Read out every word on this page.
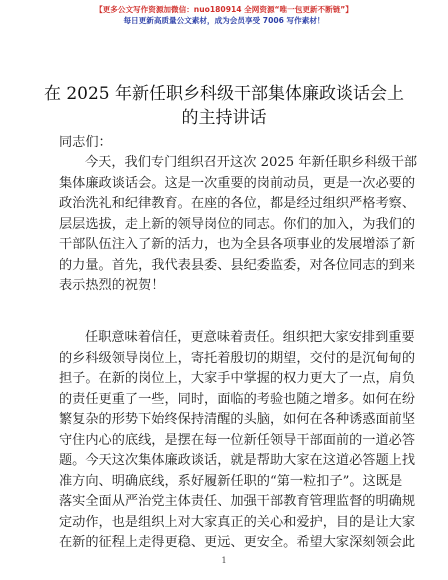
【更多公文写作资源加微信：nuo180914 全网资源“唯一包更新不断链”】
每日更新高质量公文素材，成为会员享受 7006 写作素材！
在 2025 年新任职乡科级干部集体廉政谈话会上
的主持讲话
同志们：
今天，我们专门组织召开这次 2025 年新任职乡科级干部
集体廉政谈话会。这是一次重要的岗前动员，更是一次必要的
政治洗礼和纪律教育。在座的各位，都是经过组织严格考察、
层层选拔，走上新的领导岗位的同志。你们的加入，为我们的
干部队伍注入了新的活力，也为全县各项事业的发展增添了新
的力量。首先，我代表县委、县纪委监委，对各位同志的到来
表示热烈的祝贺！
任职意味着信任，更意味着责任。组织把大家安排到重要
的乡科级领导岗位上，寄托着殷切的期望，交付的是沉甸甸的
担子。在新的岗位上，大家手中掌握的权力更大了一点，肩负
的责任更重了一些，同时，面临的考验也随之增多。如何在纷
繁复杂的形势下始终保持清醒的头脑，如何在各种诱惑面前坚
守住内心的底线，是摆在每一位新任领导干部面前的一道必答
题。今天这次集体廉政谈话，就是帮助大家在这道必答题上找
准方向、明确底线，系好履新任职的“第一粒扣子”。这既是
落实全面从严治党主体责任、加强干部教育管理监督的明确规
定动作，也是组织上对大家真正的关心和爱护，目的是让大家
在新的征程上走得更稳、更远、更安全。希望大家深刻领会此
1
